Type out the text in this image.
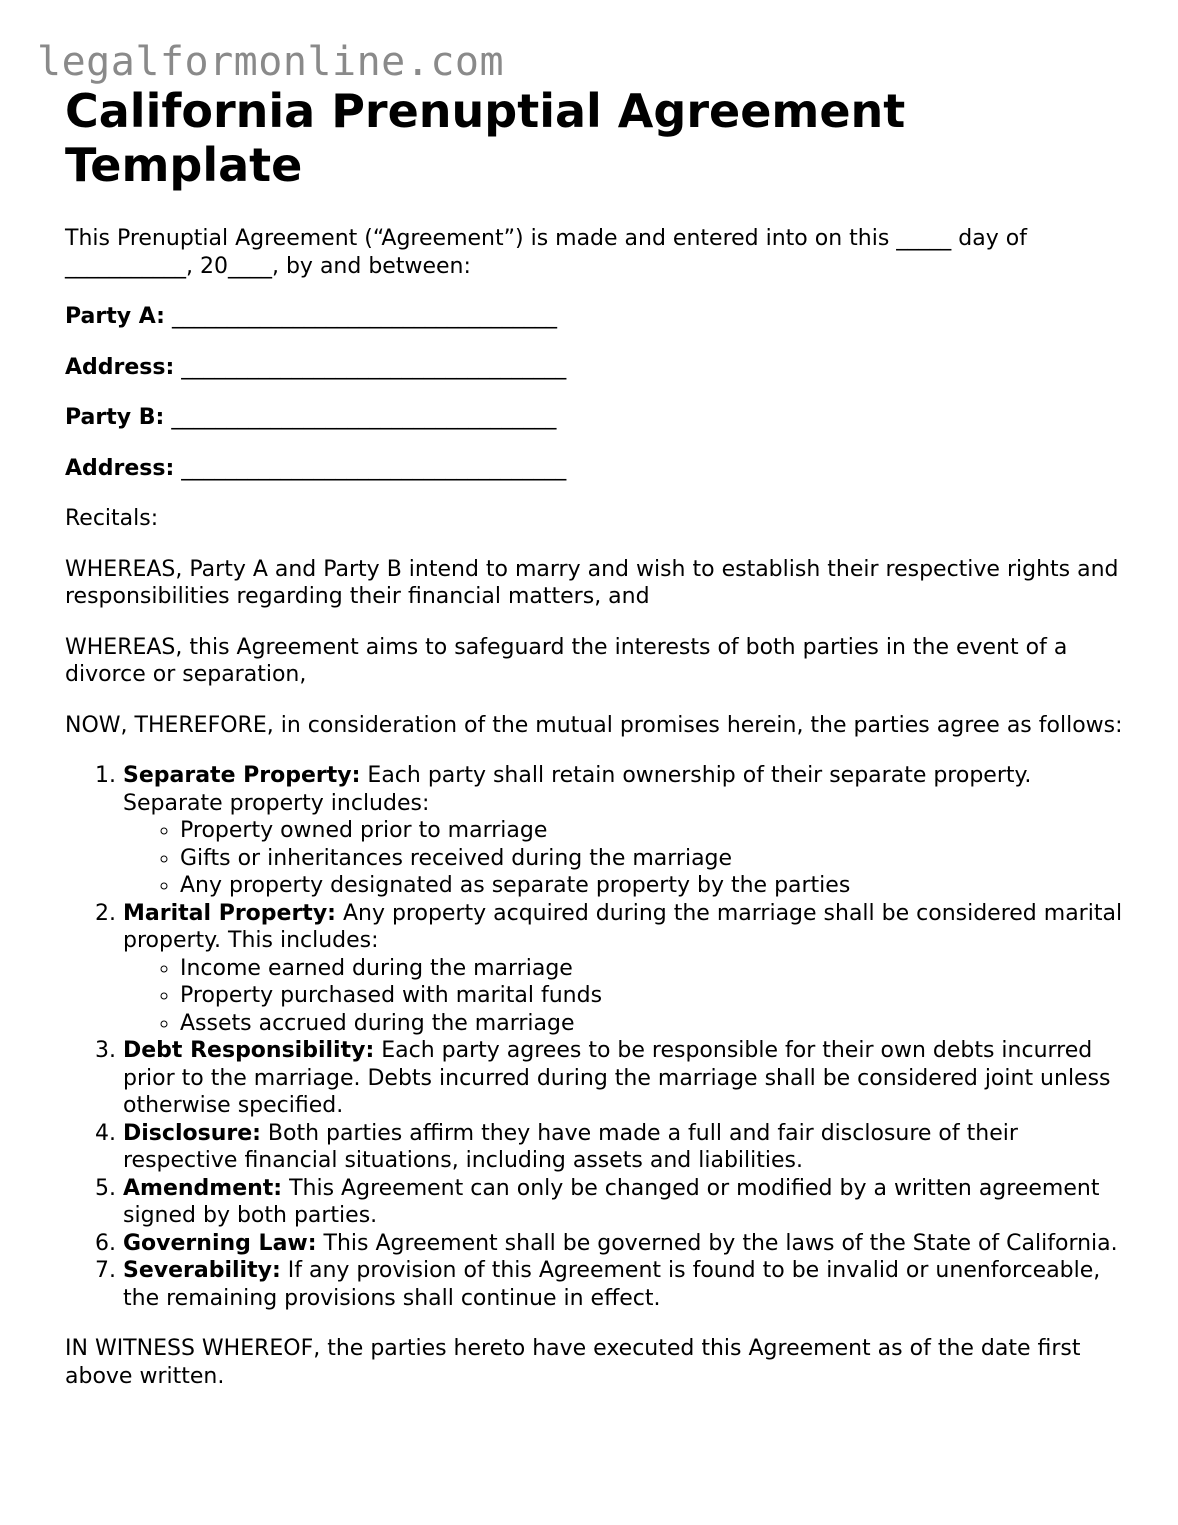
legalformonline.com
California Prenuptial Agreement Template

This Prenuptial Agreement (“Agreement”) is made and entered into on this _____ day of ___________, 20____, by and between:

Party A: ___________________________________

Address: ___________________________________

Party B: ___________________________________

Address: ___________________________________

Recitals:

WHEREAS, Party A and Party B intend to marry and wish to establish their respective rights and responsibilities regarding their financial matters, and

WHEREAS, this Agreement aims to safeguard the interests of both parties in the event of a divorce or separation,

NOW, THEREFORE, in consideration of the mutual promises herein, the parties agree as follows:

1. Separate Property: Each party shall retain ownership of their separate property. Separate property includes:
◦ Property owned prior to marriage
◦ Gifts or inheritances received during the marriage
◦ Any property designated as separate property by the parties
2. Marital Property: Any property acquired during the marriage shall be considered marital property. This includes:
◦ Income earned during the marriage
◦ Property purchased with marital funds
◦ Assets accrued during the marriage
3. Debt Responsibility: Each party agrees to be responsible for their own debts incurred prior to the marriage. Debts incurred during the marriage shall be considered joint unless otherwise specified.
4. Disclosure: Both parties affirm they have made a full and fair disclosure of their respective financial situations, including assets and liabilities.
5. Amendment: This Agreement can only be changed or modified by a written agreement signed by both parties.
6. Governing Law: This Agreement shall be governed by the laws of the State of California.
7. Severability: If any provision of this Agreement is found to be invalid or unenforceable, the remaining provisions shall continue in effect.

IN WITNESS WHEREOF, the parties hereto have executed this Agreement as of the date first above written.
